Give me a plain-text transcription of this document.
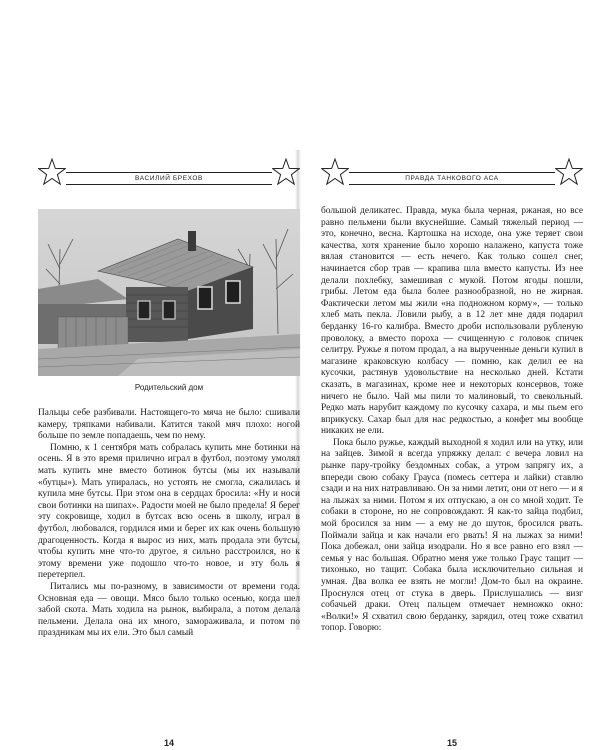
ВАСИЛИЙ БРЕХОВ
Родительский дом

Пальцы себе разбивали. Настоящего-то мяча не было: сшивали камеру, тряпками набивали. Катится такой мяч плохо: ногой больше по земле попадаешь, чем по нему.

Помню, к 1 сентября мать собралась купить мне ботинки на осень. Я в это время прилично играл в футбол, поэтому умолял мать купить мне вместо ботинок бутсы (мы их называли «бутцы»). Мать упиралась, но устоять не смогла, сжалилась и купила мне бутсы. При этом она в сердцах бросила: «Ну и носи свои ботинки на шипах». Радости моей не было предела! Я берег эту сокровище, ходил в бутсах всю осень в школу, играл в футбол, любовался, гордился ими и берег их как очень большую драгоценность. Когда я вырос из них, мать продала эти бутсы, чтобы купить мне что-то другое, я сильно расстроился, но к этому времени уже подошло что-то новое, и эту боль я перетерпел.

Питались мы по-разному, в зависимости от времени года. Основная еда — овощи. Мясо было только осенью, когда шел забой скота. Мать ходила на рынок, выбирала, а потом делала пельмени. Делала она их много, замораживала, и потом по праздникам мы их ели. Это был самый

14
ПРАВДА ТАНКОВОГО АСА

большой деликатес. Правда, мука была черная, ржаная, но все равно пельмени были вкуснейшие. Самый тяжелый период — это, конечно, весна. Картошка на исходе, она уже теряет свои качества, хотя хранение было хорошо налажено, капуста тоже вялая становится — есть нечего. Как только сошел снег, начинается сбор трав — крапива шла вместо капусты. Из нее делали похлебку, замешивая с мукой. Потом ягоды пошли, грибы. Летом еда была более разнообразной, но не жирная. Фактически летом мы жили «на подножном корму», — только хлеб мать пекла. Ловили рыбу, а в 12 лет мне дядя подарил берданку 16-го калибра. Вместо дроби использовали рубленую проволоку, а вместо пороха — счищенную с головок спичек селитру. Ружье я потом продал, а на вырученные деньги купил в магазине краковскую колбасу — помню, как делил ее на кусочки, растянув удовольствие на несколько дней. Кстати сказать, в магазинах, кроме нее и некоторых консервов, тоже ничего не было. Чай мы пили то малиновый, то свекольный. Редко мать нарубит каждому по кусочку сахара, и мы пьем его вприкуску. Сахар был для нас редкостью, а конфет мы вообще никаких не ели.

Пока было ружье, каждый выходной я ходил или на утку, или на зайцев. Зимой я всегда упряжку делал: с вечера ловил на рынке пару-тройку бездомных собак, а утром запрягу их, а впереди свою собаку Грауса (помесь сеттера и лайки) ставлю сзади и на них натравливаю. Он за ними летит, они от него — и я на лыжах за ними. Потом я их отпускаю, а он со мной ходит. Те собаки в стороне, но не сопровождают. Я как-то зайца подбил, мой бросился за ним — а ему не до шуток, бросился рвать. Поймали зайца и как начали его рвать! Я на лыжах за ними! Пока добежал, они зайца изодрали. Но я все равно его взял — семья у нас большая. Обратно меня уже только Граус тащит — тихонько, но тащит. Собака была исключительно сильная и умная. Два волка ее взять не могли! Дом-то был на окраине. Проснулся отец от стука в дверь. Прислушались — визг собачьей драки. Отец пальцем отмечает немножко окно: «Волки!» Я схватил свою берданку, зарядил, отец тоже схватил топор. Говорю:

15
